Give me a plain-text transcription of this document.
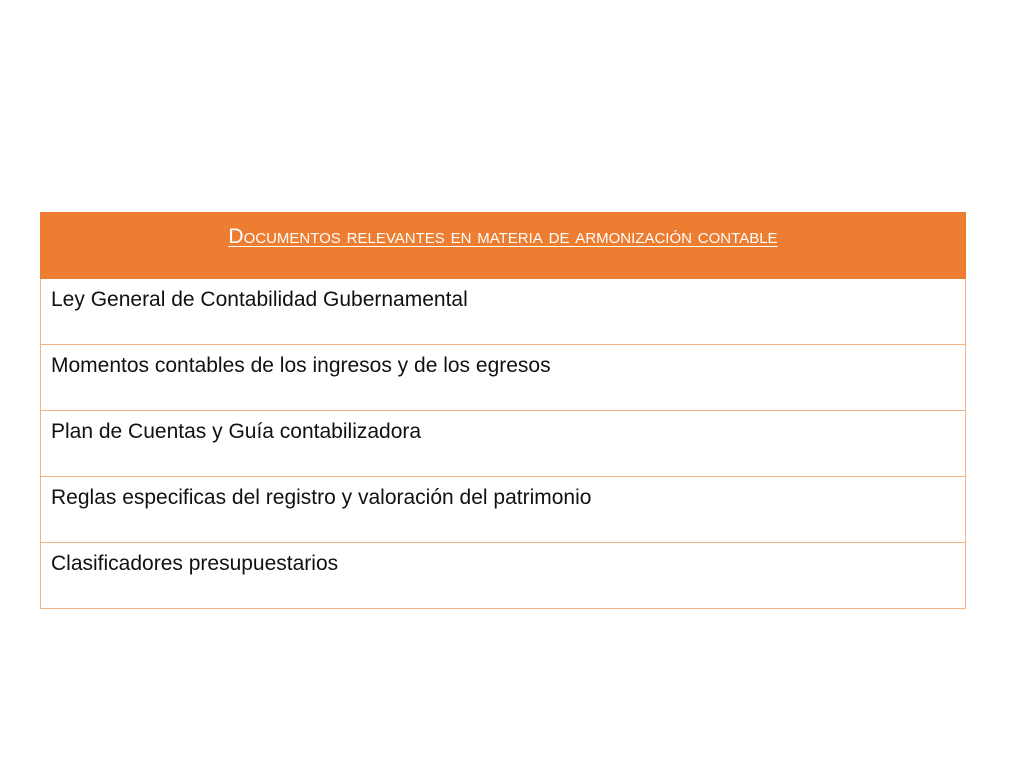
Documentos relevantes en materia de armonización contable
Ley General de Contabilidad Gubernamental
Momentos contables de los ingresos y de los egresos
Plan de Cuentas y Guía contabilizadora
Reglas especificas del registro y valoración del patrimonio
Clasificadores presupuestarios
